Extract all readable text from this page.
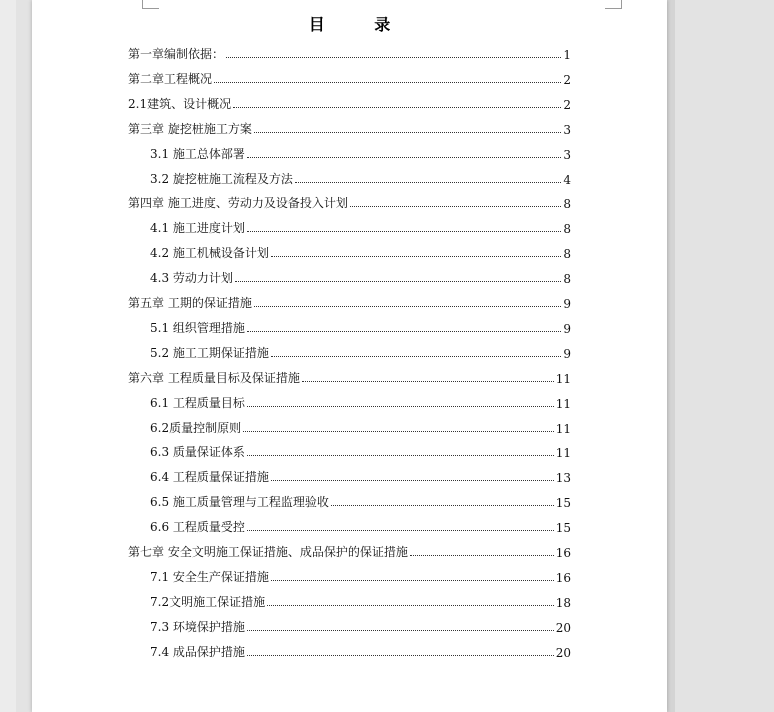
目 录
第一章编制依据：	1
第二章工程概况	2
2.1建筑、设计概况	2
第三章 旋挖桩施工方案	3
3.1 施工总体部署	3
3.2 旋挖桩施工流程及方法	4
第四章 施工进度、劳动力及设备投入计划	8
4.1 施工进度计划	8
4.2 施工机械设备计划	8
4.3 劳动力计划	8
第五章 工期的保证措施	9
5.1 组织管理措施	9
5.2 施工工期保证措施	9
第六章 工程质量目标及保证措施	11
6.1 工程质量目标	11
6.2质量控制原则	11
6.3 质量保证体系	11
6.4 工程质量保证措施	13
6.5 施工质量管理与工程监理验收	15
6.6 工程质量受控	15
第七章 安全文明施工保证措施、成品保护的保证措施	16
7.1 安全生产保证措施	16
7.2文明施工保证措施	18
7.3 环境保护措施	20
7.4 成品保护措施	20
